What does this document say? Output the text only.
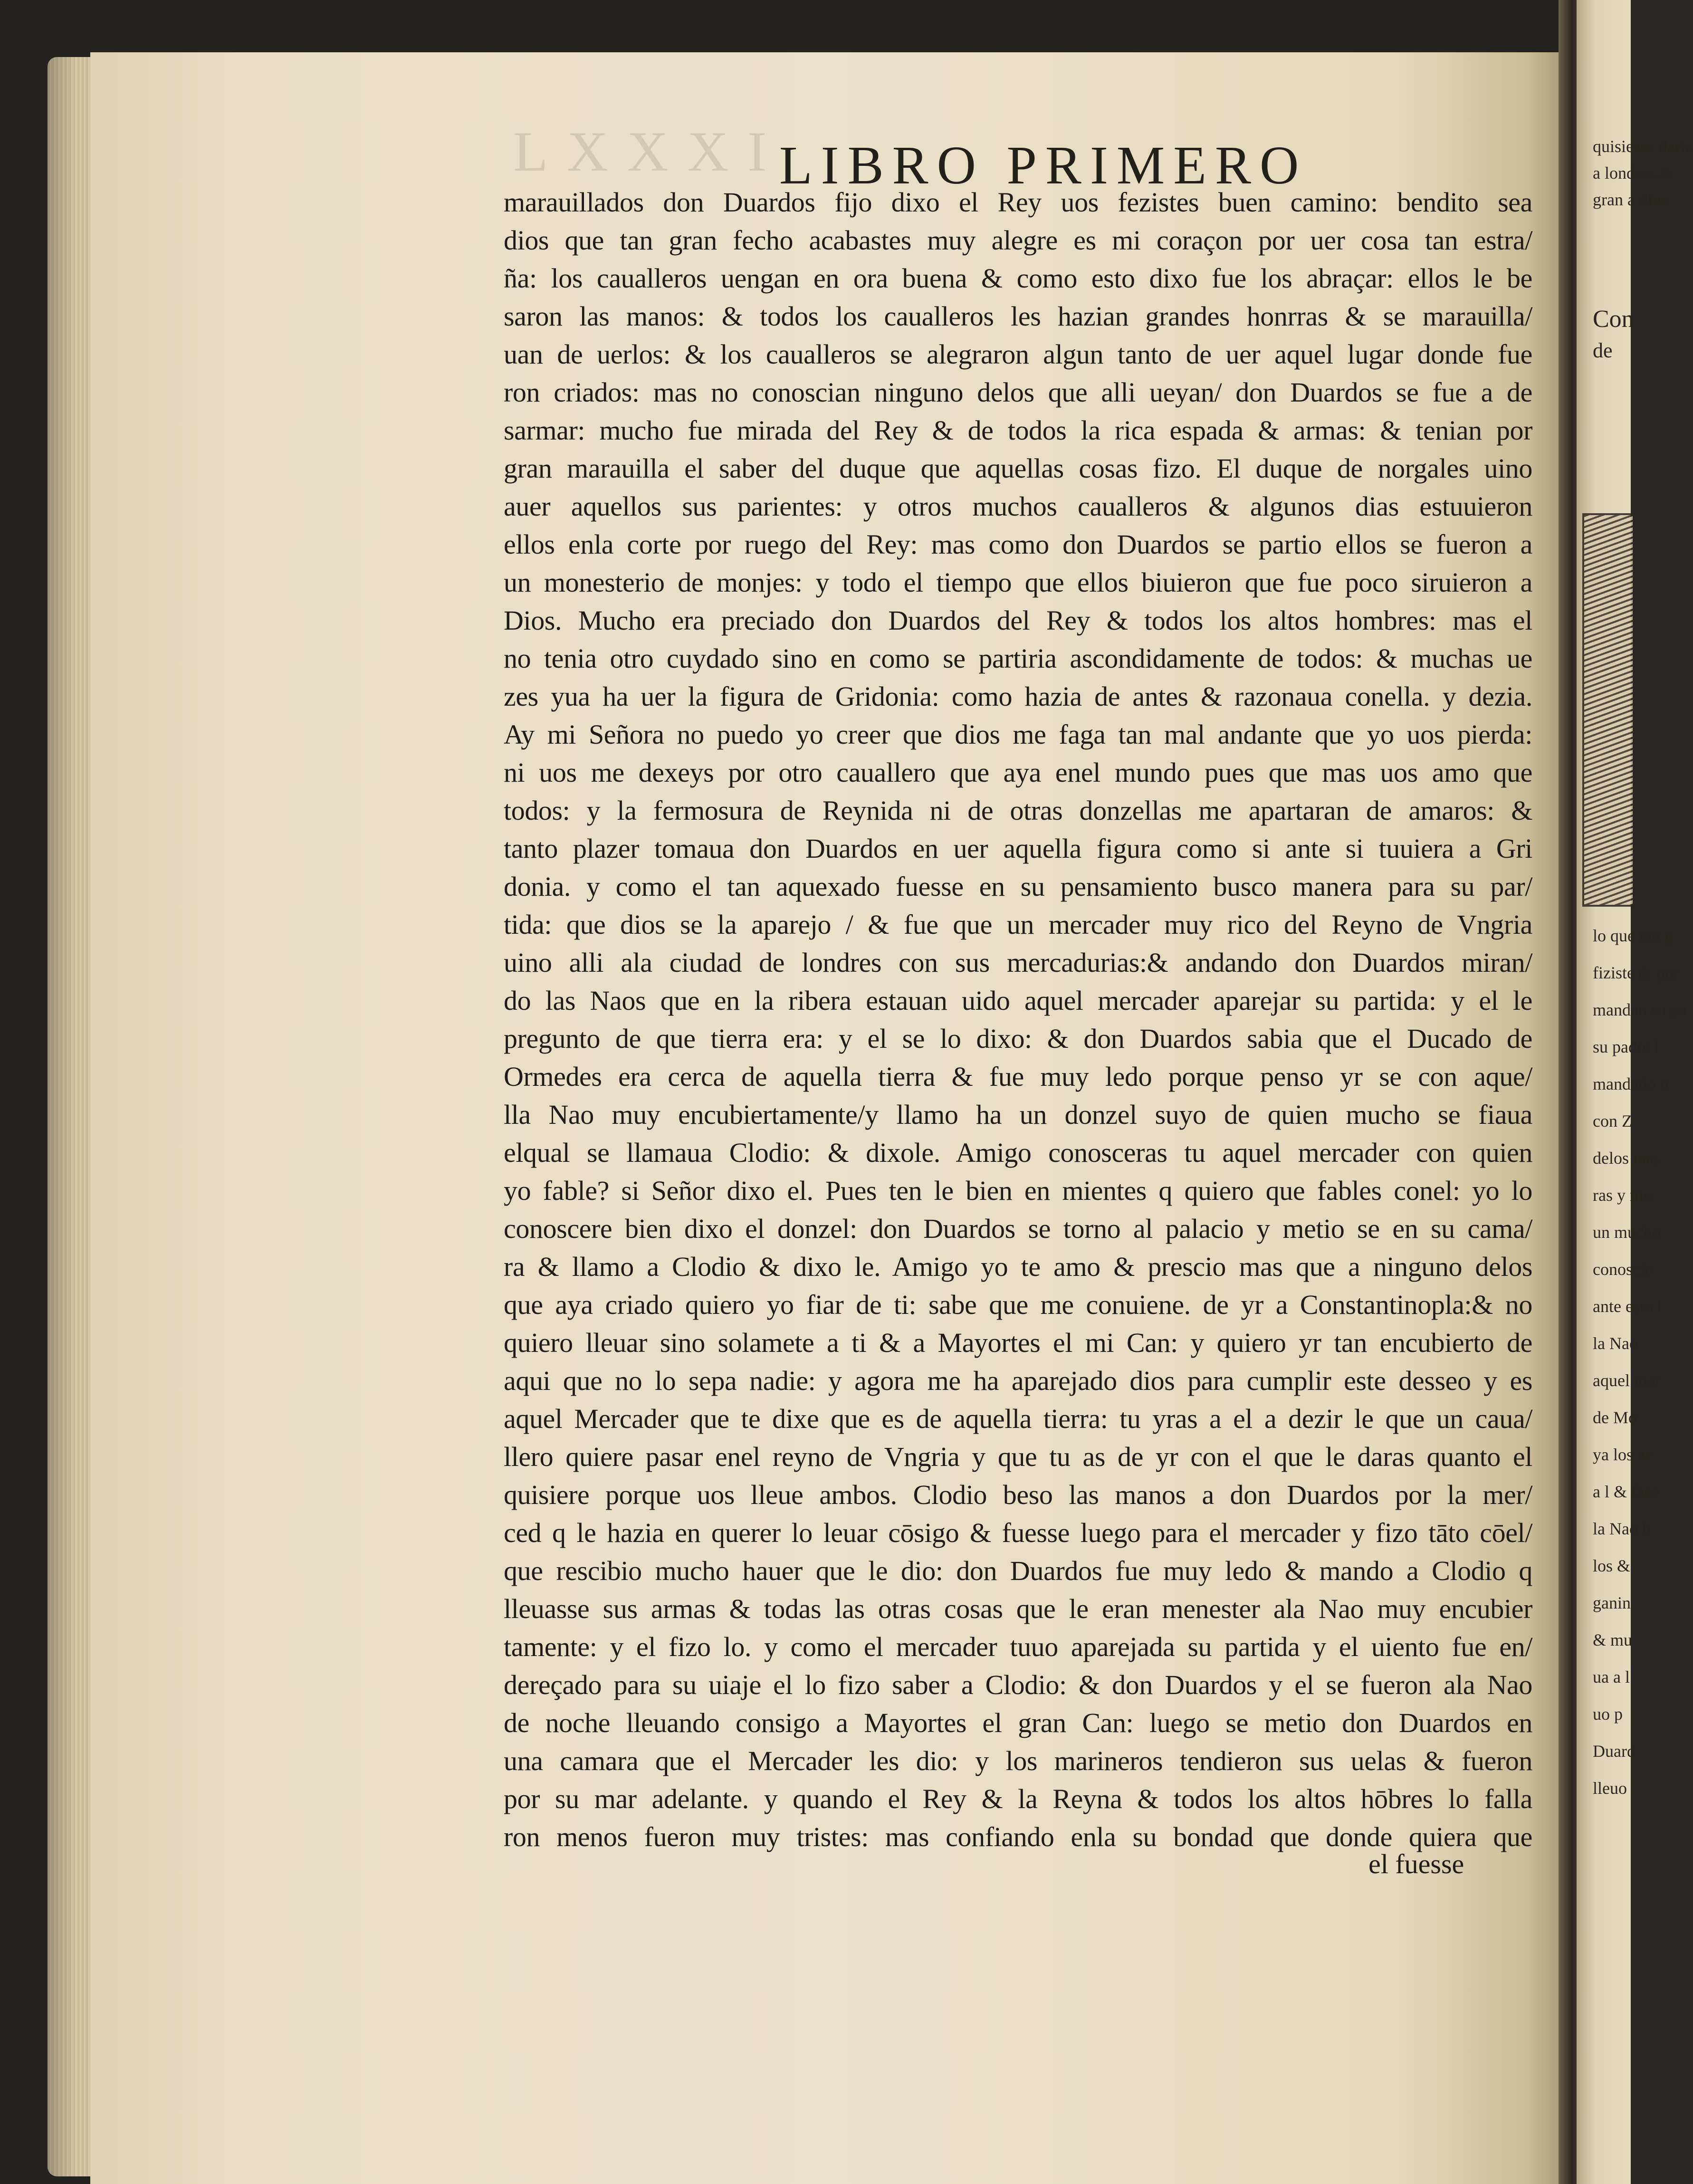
LXXXI
LIBRO PRIMERO
marauillados don Duardos fijo dixo el Rey uos fezistes buen camino: bendito sea
dios que tan gran fecho acabastes muy alegre es mi coraçon por uer cosa tan estra/
ña: los caualleros uengan en ora buena & como esto dixo fue los abraçar: ellos le be
saron las manos: & todos los caualleros les hazian grandes honrras & se marauilla/
uan de uerlos: & los caualleros se alegraron algun tanto de uer aquel lugar donde fue
ron criados: mas no conoscian ninguno delos que alli ueyan/ don Duardos se fue a de
sarmar: mucho fue mirada del Rey & de todos la rica espada & armas: & tenian por
gran marauilla el saber del duque que aquellas cosas fizo. El duque de norgales uino
auer aquellos sus parientes: y otros muchos caualleros & algunos dias estuuieron
ellos enla corte por ruego del Rey: mas como don Duardos se partio ellos se fueron a
un monesterio de monjes: y todo el tiempo que ellos biuieron que fue poco siruieron a
Dios. Mucho era preciado don Duardos del Rey & todos los altos hombres: mas el
no tenia otro cuydado sino en como se partiria ascondidamente de todos: & muchas ue
zes yua ha uer la figura de Gridonia: como hazia de antes & razonaua conella. y dezia.
Ay mi Señora no puedo yo creer que dios me faga tan mal andante que yo uos pierda:
ni uos me dexeys por otro cauallero que aya enel mundo pues que mas uos amo que
todos: y la fermosura de Reynida ni de otras donzellas me apartaran de amaros: &
tanto plazer tomaua don Duardos en uer aquella figura como si ante si tuuiera a Gri
donia. y como el tan aquexado fuesse en su pensamiento busco manera para su par/
tida: que dios se la aparejo / & fue que un mercader muy rico del Reyno de Vngria
uino alli ala ciudad de londres con sus mercadurias:& andando don Duardos miran/
do las Naos que en la ribera estauan uido aquel mercader aparejar su partida: y el le
pregunto de que tierra era: y el se lo dixo: & don Duardos sabia que el Ducado de
Ormedes era cerca de aquella tierra & fue muy ledo porque penso yr se con aque/
lla Nao muy encubiertamente/y llamo ha un donzel suyo de quien mucho se fiaua
elqual se llamaua Clodio: & dixole. Amigo conosceras tu aquel mercader con quien
yo fable? si Señor dixo el. Pues ten le bien en mientes q quiero que fables conel: yo lo
conoscere bien dixo el donzel: don Duardos se torno al palacio y metio se en su cama/
ra & llamo a Clodio & dixo le. Amigo yo te amo & prescio mas que a ninguno delos
que aya criado quiero yo fiar de ti: sabe que me conuiene. de yr a Constantinopla:& no
quiero lleuar sino solamete a ti & a Mayortes el mi Can: y quiero yr tan encubierto de
aqui que no lo sepa nadie: y agora me ha aparejado dios para cumplir este desseo y es
aquel Mercader que te dixe que es de aquella tierra: tu yras a el a dezir le que un caua/
llero quiere pasar enel reyno de Vngria y que tu as de yr con el que le daras quanto el
quisiere porque uos lleue ambos. Clodio beso las manos a don Duardos por la mer/
ced q le hazia en querer lo leuar cōsigo & fuesse luego para el mercader y fizo tāto cōel/
que rescibio mucho hauer que le dio: don Duardos fue muy ledo & mando a Clodio q
lleuasse sus armas & todas las otras cosas que le eran menester ala Nao muy encubier
tamente: y el fizo lo. y como el mercader tuuo aparejada su partida y el uiento fue en/
dereçado para su uiaje el lo fizo saber a Clodio: & don Duardos y el se fueron ala Nao
de noche lleuando consigo a Mayortes el gran Can: luego se metio don Duardos en
una camara que el Mercader les dio: y los marineros tendieron sus uelas & fueron
por su mar adelante. y quando el Rey & la Reyna & todos los altos hōbres lo falla
ron menos fueron muy tristes: mas confiando enla su bondad que donde quiera que
el fuesse
quisiesse daria
a londres &
gran a dios
Con
de
lo que tan g
fiziste & por
mandan su pa
su padre l
mandado u
con Z
delos uno
ras y mu
un mucho
conoscie
ante esto l
la Nao
aquel mer
de Mo
ya los ac
a l & face
la Nao h
los &
ganin
& mu
ua a l
uo p
Duard
lleuo
